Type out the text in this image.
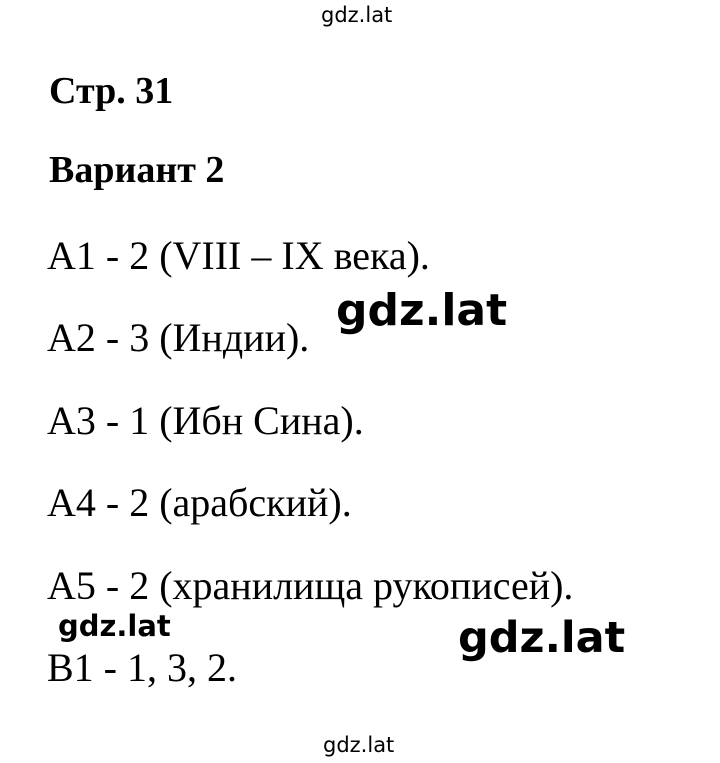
gdz.lat
Стр. 31
Вариант 2
А1 - 2 (VIII – IX века).
А2 - 3 (Индии).
А3 - 1 (Ибн Сина).
А4 - 2 (арабский).
А5 - 2 (хранилища рукописей).
В1 - 1, 3, 2.
gdz.lat
gdz.lat	gdz.lat
gdz.lat
